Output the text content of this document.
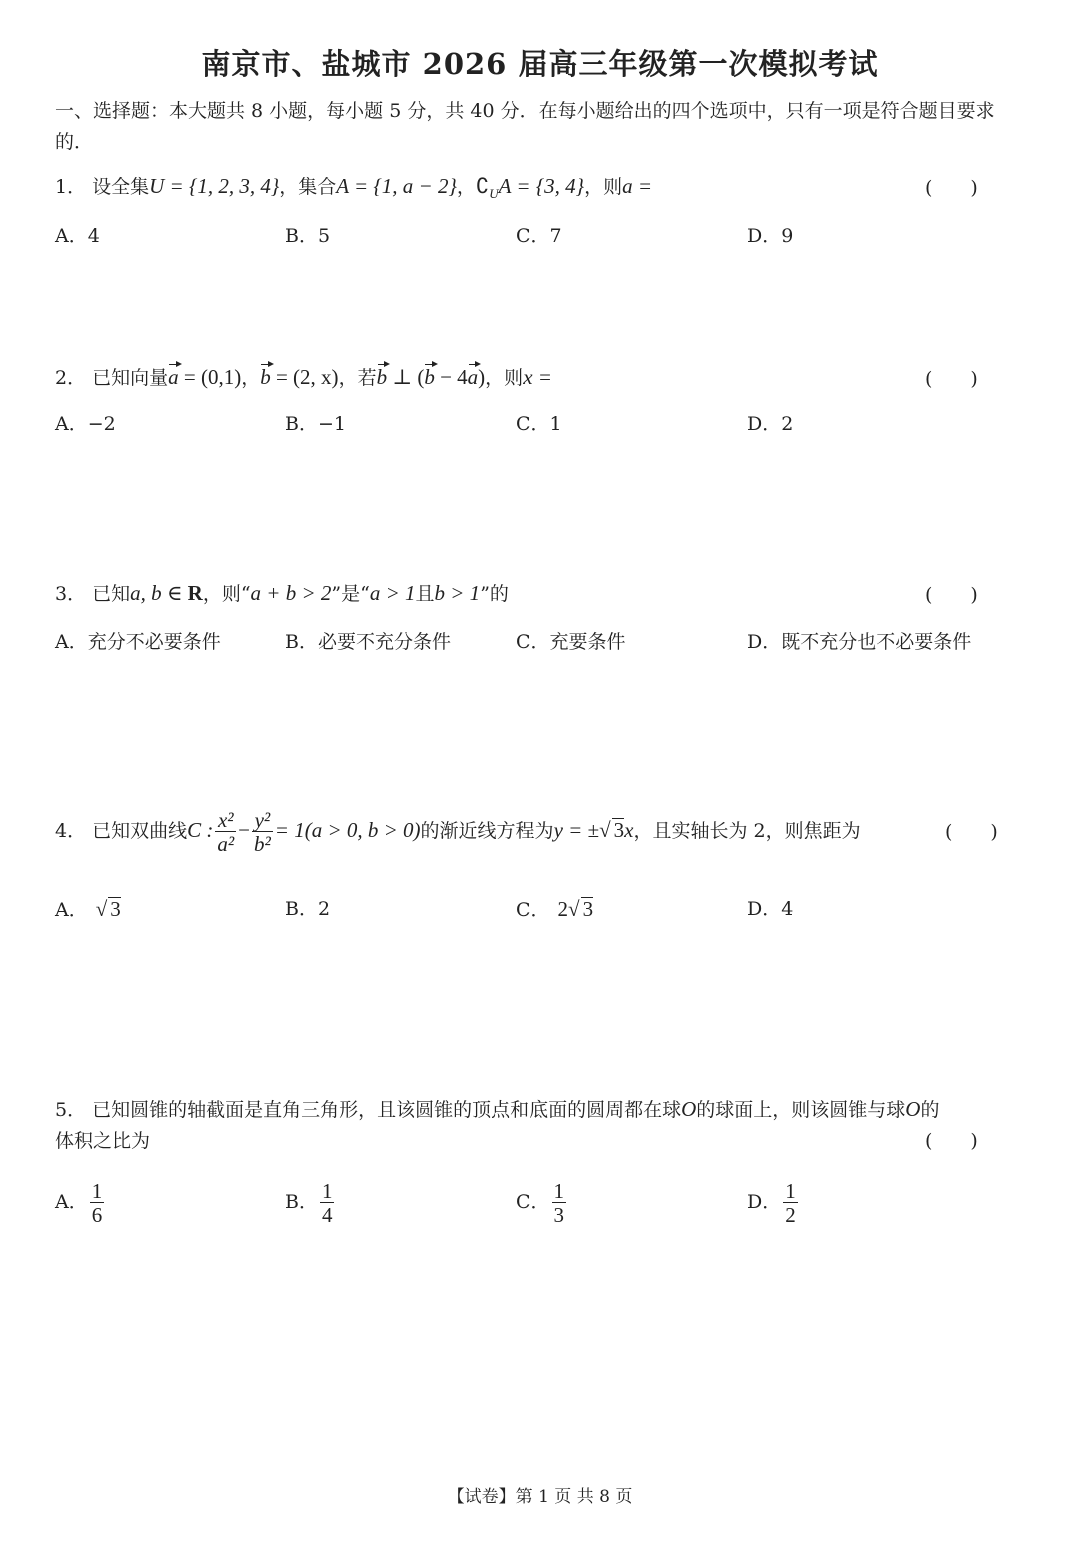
南京市、盐城市 2026 届高三年级第一次模拟考试
一、选择题：本大题共 8 小题，每小题 5 分，共 40 分．在每小题给出的四个选项中，只有一项是符合题目要求的．
1． 设全集U = {1, 2, 3, 4}，集合A = {1, a − 2}，$∁_UA = \{3$, 4}，则a =	(　　)
A．4	B．5	C．7	D．9
2． 已知向量a = (0,1)，b = (2, x)，若b ⊥ (b − 4a)，则x =	(　　)
A．−2	B．−1	C．1	D．2
3． 已知a, b ∈ R，则“a + b > 2”是“a > 1且b > 1”的	(　　)
A．充分不必要条件	B．必要不充分条件	C．充要条件	D．既不充分也不必要条件
4． 已知双曲线C : $\frac{\text{x²}}{\text{a²}} - \frac{\text{y²}}{\text{b²}} = 1(a > 0$, b > 0)的渐近线方程为y = ±√ 3x，且实轴长为 2，则焦距为	(　　)
A． √ 3	B．2	C． 2√ 3	D．4
5． 已知圆锥的轴截面是直角三角形，且该圆锥的顶点和底面的圆周都在球O的球面上，则该圆锥与球O的
体积之比为	(　　)
A． $\frac{1}{6}$	B． $\frac{1}{4}$	C． $\frac{1}{3}$	D． $\frac{1}{2}$
【试卷】第 1 页 共 8 页
